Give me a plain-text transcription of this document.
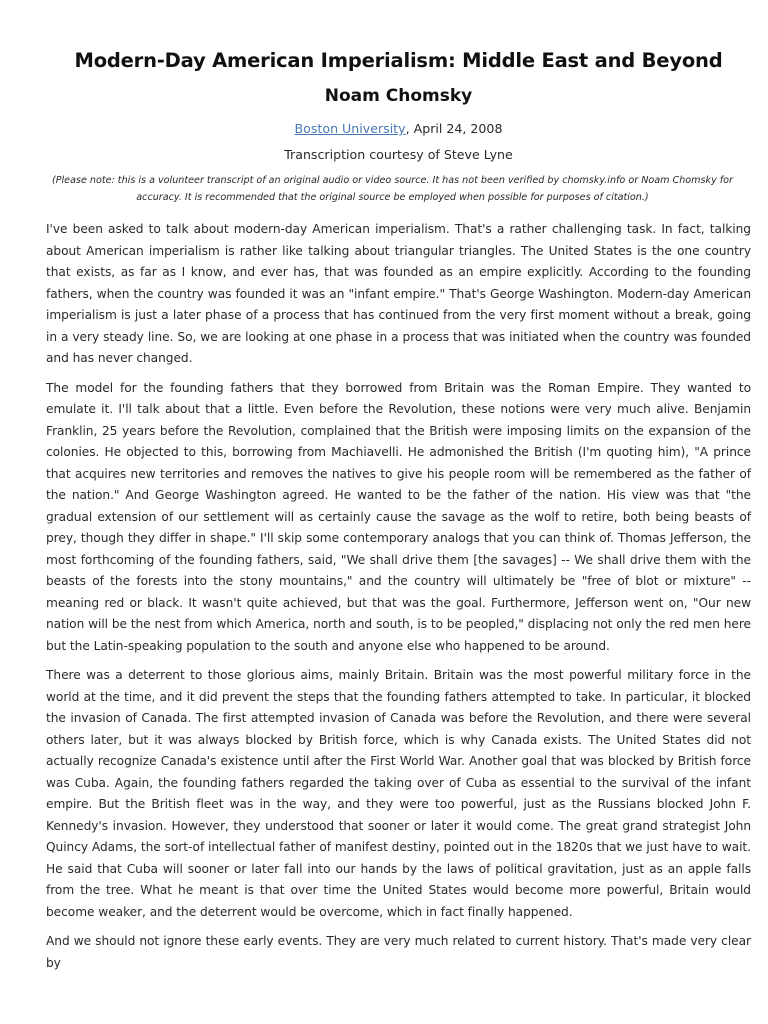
Modern-Day American Imperialism: Middle East and Beyond
Noam Chomsky
Boston University, April 24, 2008
Transcription courtesy of Steve Lyne
(Please note: this is a volunteer transcript of an original audio or video source. It has not been verified by chomsky.info or Noam Chomsky for accuracy. It is recommended that the original source be employed when possible for purposes of citation.)

I've been asked to talk about modern-day American imperialism. That's a rather challenging task. In fact, talking about American imperialism is rather like talking about triangular triangles. The United States is the one country that exists, as far as I know, and ever has, that was founded as an empire explicitly. According to the founding fathers, when the country was founded it was an "infant empire." That's George Washington. Modern-day American imperialism is just a later phase of a process that has continued from the very first moment without a break, going in a very steady line. So, we are looking at one phase in a process that was initiated when the country was founded and has never changed.

The model for the founding fathers that they borrowed from Britain was the Roman Empire. They wanted to emulate it. I'll talk about that a little. Even before the Revolution, these notions were very much alive. Benjamin Franklin, 25 years before the Revolution, complained that the British were imposing limits on the expansion of the colonies. He objected to this, borrowing from Machiavelli. He admonished the British (I'm quoting him), "A prince that acquires new territories and removes the natives to give his people room will be remembered as the father of the nation." And George Washington agreed. He wanted to be the father of the nation. His view was that "the gradual extension of our settlement will as certainly cause the savage as the wolf to retire, both being beasts of prey, though they differ in shape." I'll skip some contemporary analogs that you can think of. Thomas Jefferson, the most forthcoming of the founding fathers, said, "We shall drive them [the savages] -- We shall drive them with the beasts of the forests into the stony mountains," and the country will ultimately be "free of blot or mixture" -- meaning red or black. It wasn't quite achieved, but that was the goal. Furthermore, Jefferson went on, "Our new nation will be the nest from which America, north and south, is to be peopled," displacing not only the red men here but the Latin-speaking population to the south and anyone else who happened to be around.

There was a deterrent to those glorious aims, mainly Britain. Britain was the most powerful military force in the world at the time, and it did prevent the steps that the founding fathers attempted to take. In particular, it blocked the invasion of Canada. The first attempted invasion of Canada was before the Revolution, and there were several others later, but it was always blocked by British force, which is why Canada exists. The United States did not actually recognize Canada's existence until after the First World War. Another goal that was blocked by British force was Cuba. Again, the founding fathers regarded the taking over of Cuba as essential to the survival of the infant empire. But the British fleet was in the way, and they were too powerful, just as the Russians blocked John F. Kennedy's invasion. However, they understood that sooner or later it would come. The great grand strategist John Quincy Adams, the sort-of intellectual father of manifest destiny, pointed out in the 1820s that we just have to wait. He said that Cuba will sooner or later fall into our hands by the laws of political gravitation, just as an apple falls from the tree. What he meant is that over time the United States would become more powerful, Britain would become weaker, and the deterrent would be overcome, which in fact finally happened.

And we should not ignore these early events. They are very much related to current history. That's made very clear by
